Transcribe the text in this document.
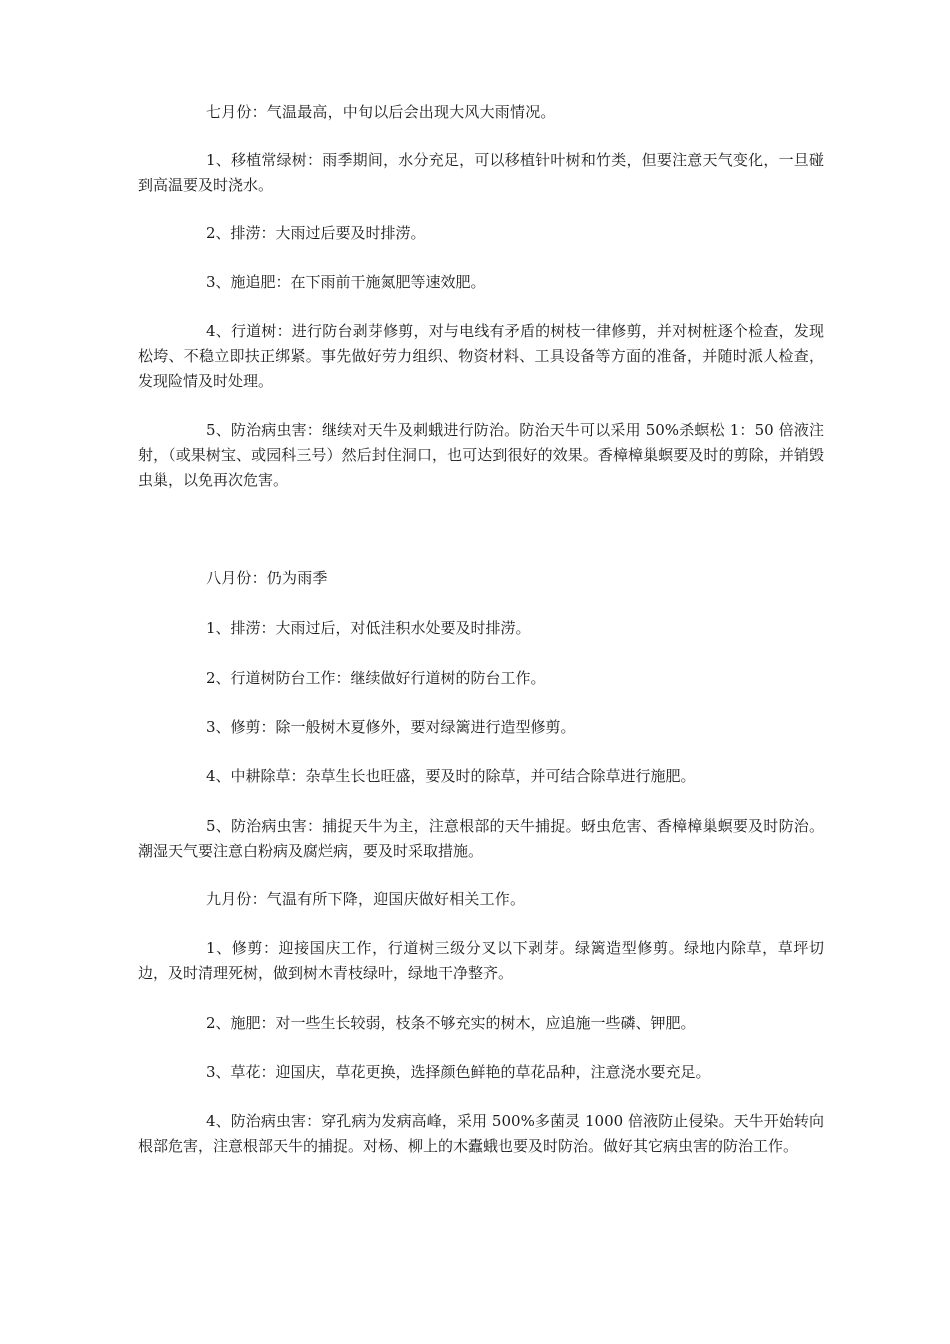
七月份：气温最高，中旬以后会出现大风大雨情况。

1、移植常绿树：雨季期间，水分充足，可以移植针叶树和竹类，但要注意天气变化，一旦碰到高温要及时浇水。

2、排涝：大雨过后要及时排涝。

3、施追肥：在下雨前干施氮肥等速效肥。

4、行道树：进行防台剥芽修剪，对与电线有矛盾的树枝一律修剪，并对树桩逐个检查，发现松垮、不稳立即扶正绑紧。事先做好劳力组织、物资材料、工具设备等方面的准备，并随时派人检查，发现险情及时处理。

5、防治病虫害：继续对天牛及刺蛾进行防治。防治天牛可以采用 50%杀螟松 1：50 倍液注射，（或果树宝、或园科三号）然后封住洞口，也可达到很好的效果。香樟樟巢螟要及时的剪除，并销毁虫巢，以免再次危害。

八月份：仍为雨季

1、排涝：大雨过后，对低洼积水处要及时排涝。

2、行道树防台工作：继续做好行道树的防台工作。

3、修剪：除一般树木夏修外，要对绿篱进行造型修剪。

4、中耕除草：杂草生长也旺盛，要及时的除草，并可结合除草进行施肥。

5、防治病虫害：捕捉天牛为主，注意根部的天牛捕捉。蚜虫危害、香樟樟巢螟要及时防治。潮湿天气要注意白粉病及腐烂病，要及时采取措施。

九月份：气温有所下降，迎国庆做好相关工作。

1、修剪：迎接国庆工作，行道树三级分叉以下剥芽。绿篱造型修剪。绿地内除草，草坪切边，及时清理死树，做到树木青枝绿叶，绿地干净整齐。

2、施肥：对一些生长较弱，枝条不够充实的树木，应追施一些磷、钾肥。

3、草花：迎国庆，草花更换，选择颜色鲜艳的草花品种，注意浇水要充足。

4、防治病虫害：穿孔病为发病高峰，采用 500%多菌灵 1000 倍液防止侵染。天牛开始转向根部危害，注意根部天牛的捕捉。对杨、柳上的木蠹蛾也要及时防治。做好其它病虫害的防治工作。
